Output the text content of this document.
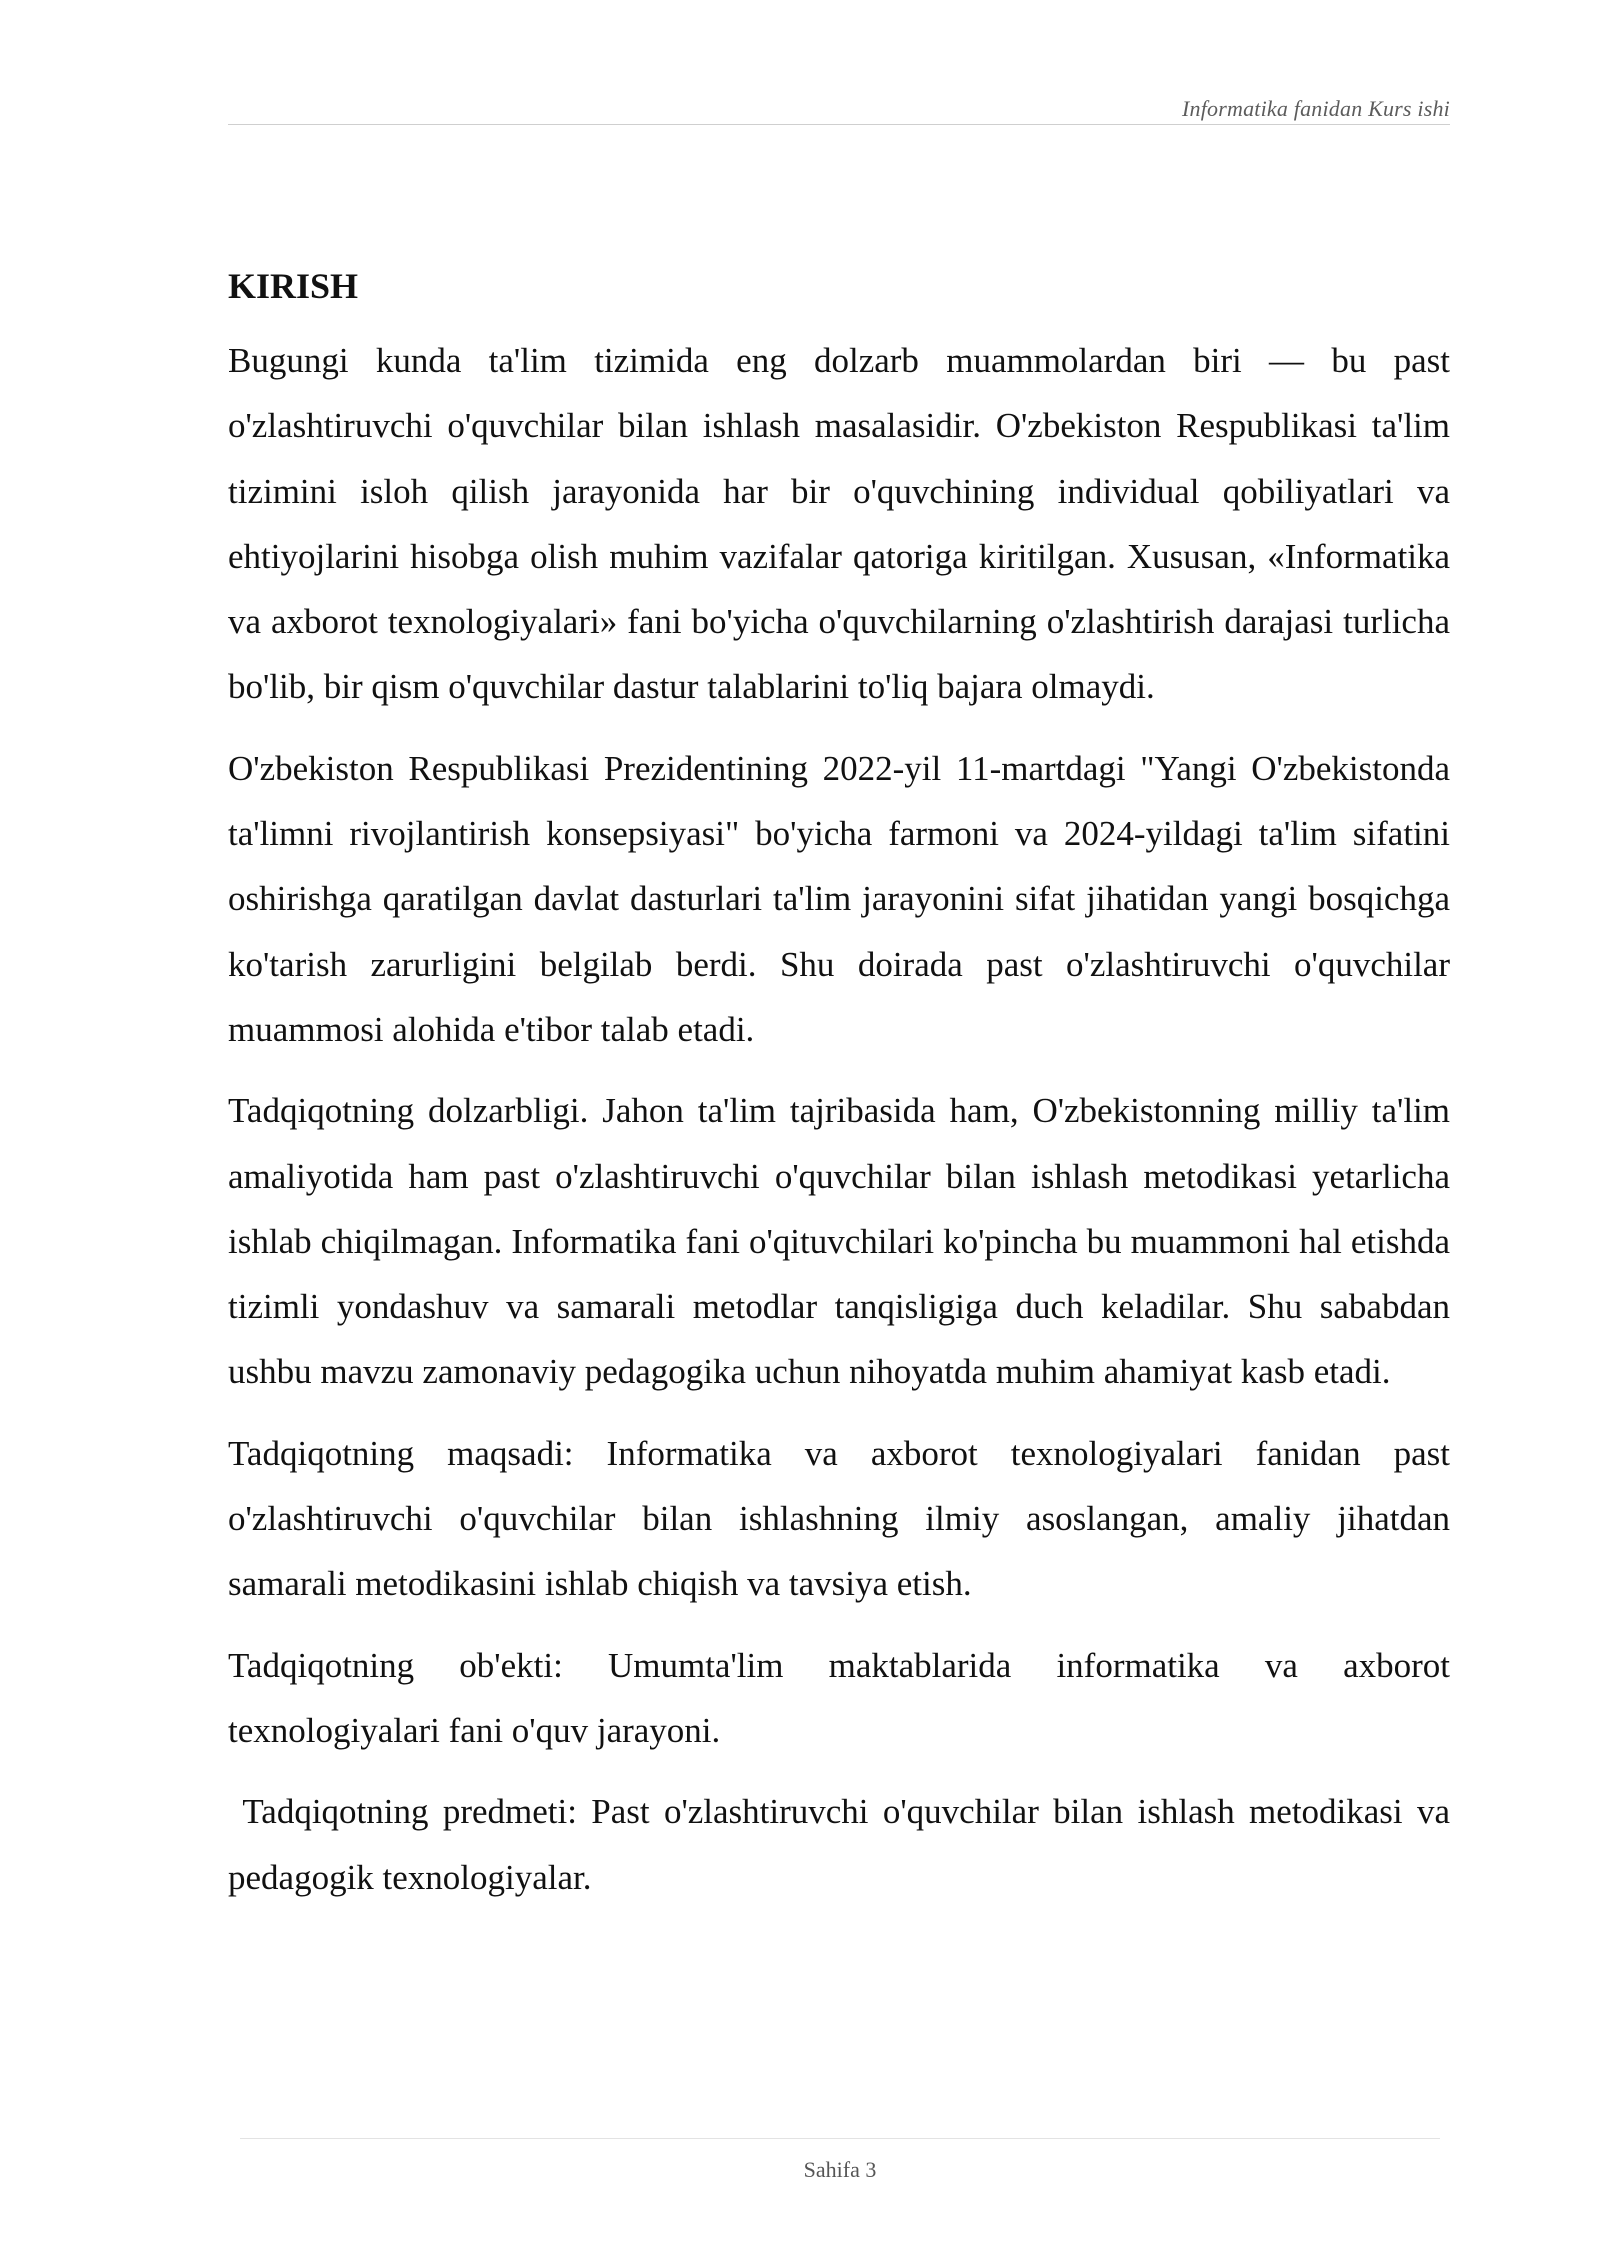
Informatika fanidan Kurs ishi
KIRISH

Bugungi kunda ta'lim tizimida eng dolzarb muammolardan biri — bu past o'zlashtiruvchi o'quvchilar bilan ishlash masalasidir. O'zbekiston Respublikasi ta'lim tizimini isloh qilish jarayonida har bir o'quvchining individual qobiliyatlari va ehtiyojlarini hisobga olish muhim vazifalar qatoriga kiritilgan. Xususan, «Informatika va axborot texnologiyalari» fani bo'yicha o'quvchilarning o'zlashtirish darajasi turlicha bo'lib, bir qism o'quvchilar dastur talablarini to'liq bajara olmaydi.

O'zbekiston Respublikasi Prezidentining 2022-yil 11-martdagi "Yangi O'zbekistonda ta'limni rivojlantirish konsepsiyasi" bo'yicha farmoni va 2024-yildagi ta'lim sifatini oshirishga qaratilgan davlat dasturlari ta'lim jarayonini sifat jihatidan yangi bosqichga ko'tarish zarurligini belgilab berdi. Shu doirada past o'zlashtiruvchi o'quvchilar muammosi alohida e'tibor talab etadi.

Tadqiqotning dolzarbligi. Jahon ta'lim tajribasida ham, O'zbekistonning milliy ta'lim amaliyotida ham past o'zlashtiruvchi o'quvchilar bilan ishlash metodikasi yetarlicha ishlab chiqilmagan. Informatika fani o'qituvchilari ko'pincha bu muammoni hal etishda tizimli yondashuv va samarali metodlar tanqisligiga duch keladilar. Shu sababdan ushbu mavzu zamonaviy pedagogika uchun nihoyatda muhim ahamiyat kasb etadi.

Tadqiqotning maqsadi: Informatika va axborot texnologiyalari fanidan past o'zlashtiruvchi o'quvchilar bilan ishlashning ilmiy asoslangan, amaliy jihatdan samarali metodikasini ishlab chiqish va tavsiya etish.

Tadqiqotning ob'ekti: Umumta'lim maktablarida informatika va axborot texnologiyalari fani o'quv jarayoni.

Tadqiqotning predmeti: Past o'zlashtiruvchi o'quvchilar bilan ishlash metodikasi va pedagogik texnologiyalar.

Sahifa 3
